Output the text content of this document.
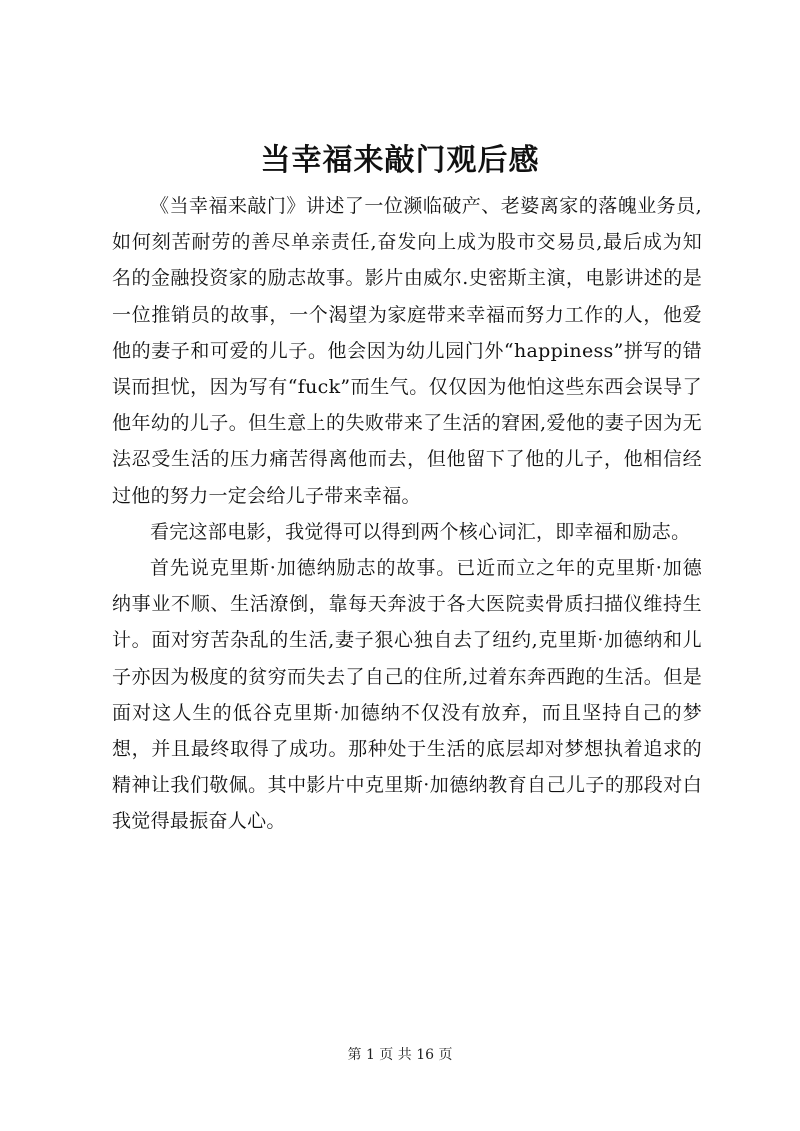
当幸福来敲门观后感

《当幸福来敲门》讲述了一位濒临破产、老婆离家的落魄业务员,如何刻苦耐劳的善尽单亲责任,奋发向上成为股市交易员,最后成为知名的金融投资家的励志故事。影片由威尔.史密斯主演，电影讲述的是一位推销员的故事，一个渴望为家庭带来幸福而努力工作的人，他爱他的妻子和可爱的儿子。他会因为幼儿园门外“happiness”拼写的错误而担忧，因为写有“fuck”而生气。仅仅因为他怕这些东西会误导了他年幼的儿子。但生意上的失败带来了生活的窘困,爱他的妻子因为无法忍受生活的压力痛苦得离他而去，但他留下了他的儿子，他相信经过他的努力一定会给儿子带来幸福。

看完这部电影，我觉得可以得到两个核心词汇，即幸福和励志。

首先说克里斯·加德纳励志的故事。已近而立之年的克里斯·加德纳事业不顺、生活潦倒，靠每天奔波于各大医院卖骨质扫描仪维持生计。面对穷苦杂乱的生活,妻子狠心独自去了纽约,克里斯·加德纳和儿子亦因为极度的贫穷而失去了自己的住所,过着东奔西跑的生活。但是面对这人生的低谷克里斯·加德纳不仅没有放弃，而且坚持自己的梦想，并且最终取得了成功。那种处于生活的底层却对梦想执着追求的精神让我们敬佩。其中影片中克里斯·加德纳教育自己儿子的那段对白我觉得最振奋人心。

第 1 页 共 16 页
